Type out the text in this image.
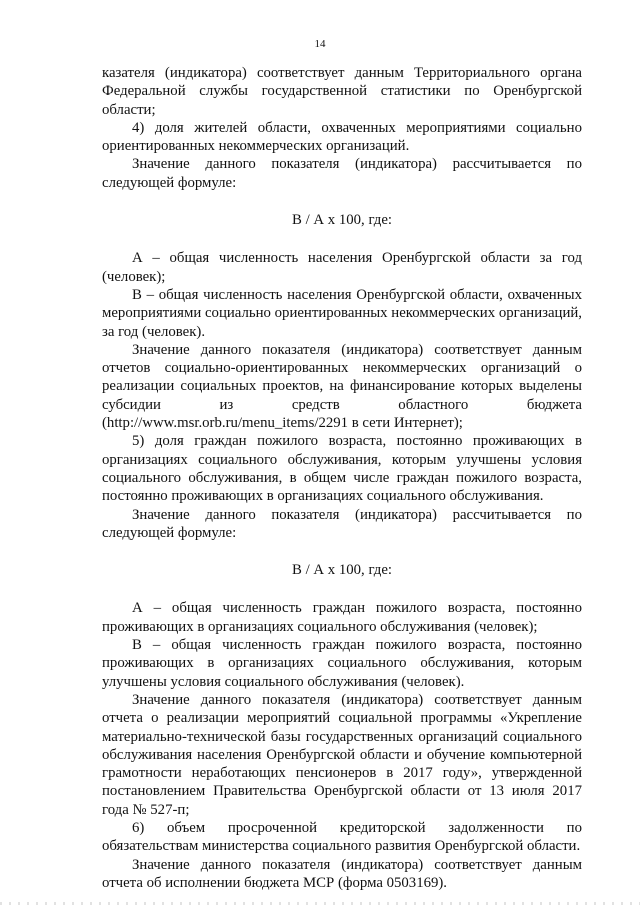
14

казателя (индикатора) соответствует данным Территориального органа Федеральной службы государственной статистики по Оренбургской области;

4) доля жителей области, охваченных мероприятиями социально ориентированных некоммерческих организаций.

Значение данного показателя (индикатора) рассчитывается по следующей формуле:

В / А х 100, где:

А – общая численность населения Оренбургской области за год (человек);

В – общая численность населения Оренбургской области, охваченных мероприятиями социально ориентированных некоммерческих организаций, за год (человек).

Значение данного показателя (индикатора) соответствует данным отчетов социально-ориентированных некоммерческих организаций о реализации социальных проектов, на финансирование которых выделены субсидии из средств областного бюджета (http://www.msr.orb.ru/menu_items/2291 в сети Интернет);

5) доля граждан пожилого возраста, постоянно проживающих в организациях социального обслуживания, которым улучшены условия социального обслуживания, в общем числе граждан пожилого возраста, постоянно проживающих в организациях социального обслуживания.

Значение данного показателя (индикатора) рассчитывается по следующей формуле:

В / А х 100, где:

А – общая численность граждан пожилого возраста, постоянно проживающих в организациях социального обслуживания (человек);

В – общая численность граждан пожилого возраста, постоянно проживающих в организациях социального обслуживания, которым улучшены условия социального обслуживания (человек).

Значение данного показателя (индикатора) соответствует данным отчета о реализации мероприятий социальной программы «Укрепление материально-технической базы государственных организаций социального обслуживания населения Оренбургской области и обучение компьютерной грамотности неработающих пенсионеров в 2017 году», утвержденной постановлением Правительства Оренбургской области от 13 июля 2017 года № 527-п;

6) объем просроченной кредиторской задолженности по обязательствам министерства социального развития Оренбургской области.

Значение данного показателя (индикатора) соответствует данным отчета об исполнении бюджета МСР (форма 0503169).
